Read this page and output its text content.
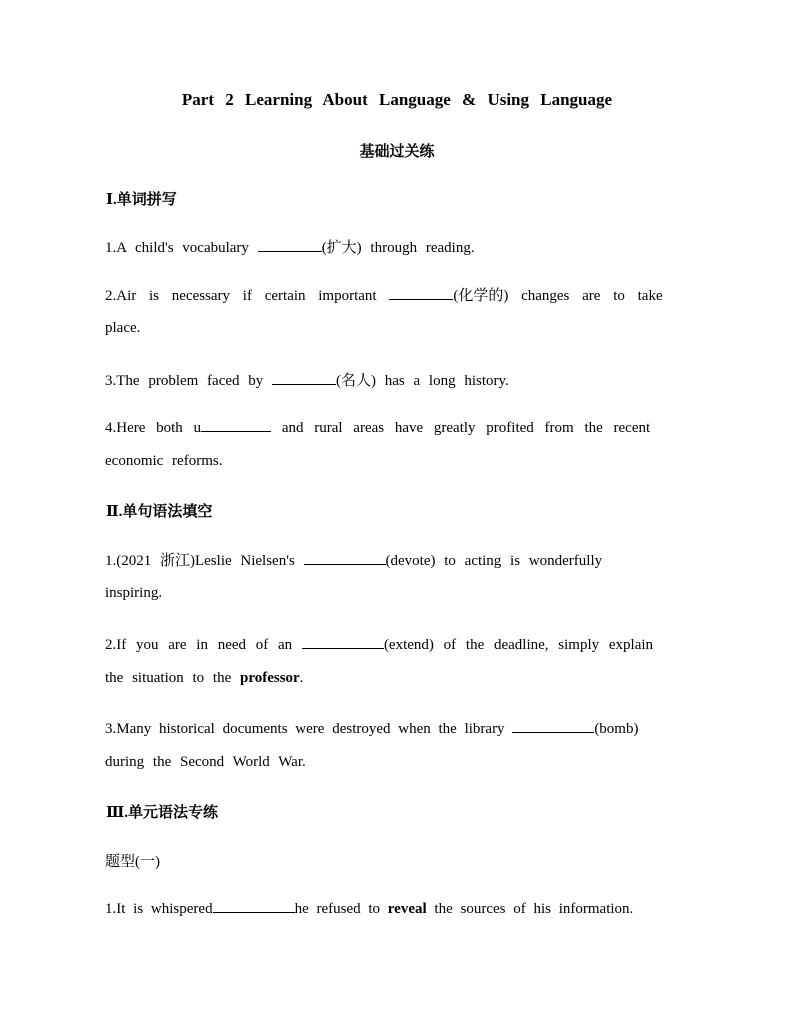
Part 2 Learning About Language & Using Language
基础过关练
Ⅰ.单词拼写
1.A child's vocabulary	(扩大) through reading.
2.Air is necessary if certain important	(化学的) changes are to take
place.
3.The problem faced by	(名人) has a long history.
4.Here both u	and rural areas have greatly profited from the recent
economic reforms.
Ⅱ.单句语法填空
1.(2021 浙江)Leslie Nielsen's	(devote) to acting is wonderfully
inspiring.
2.If you are in need of an	(extend) of the deadline, simply explain
the situation to the professor.
3.Many historical documents were destroyed when the library	(bomb)
during the Second World War.
Ⅲ.单元语法专练
题型(一)
1.It is whispered	he refused to reveal the sources of his information.
